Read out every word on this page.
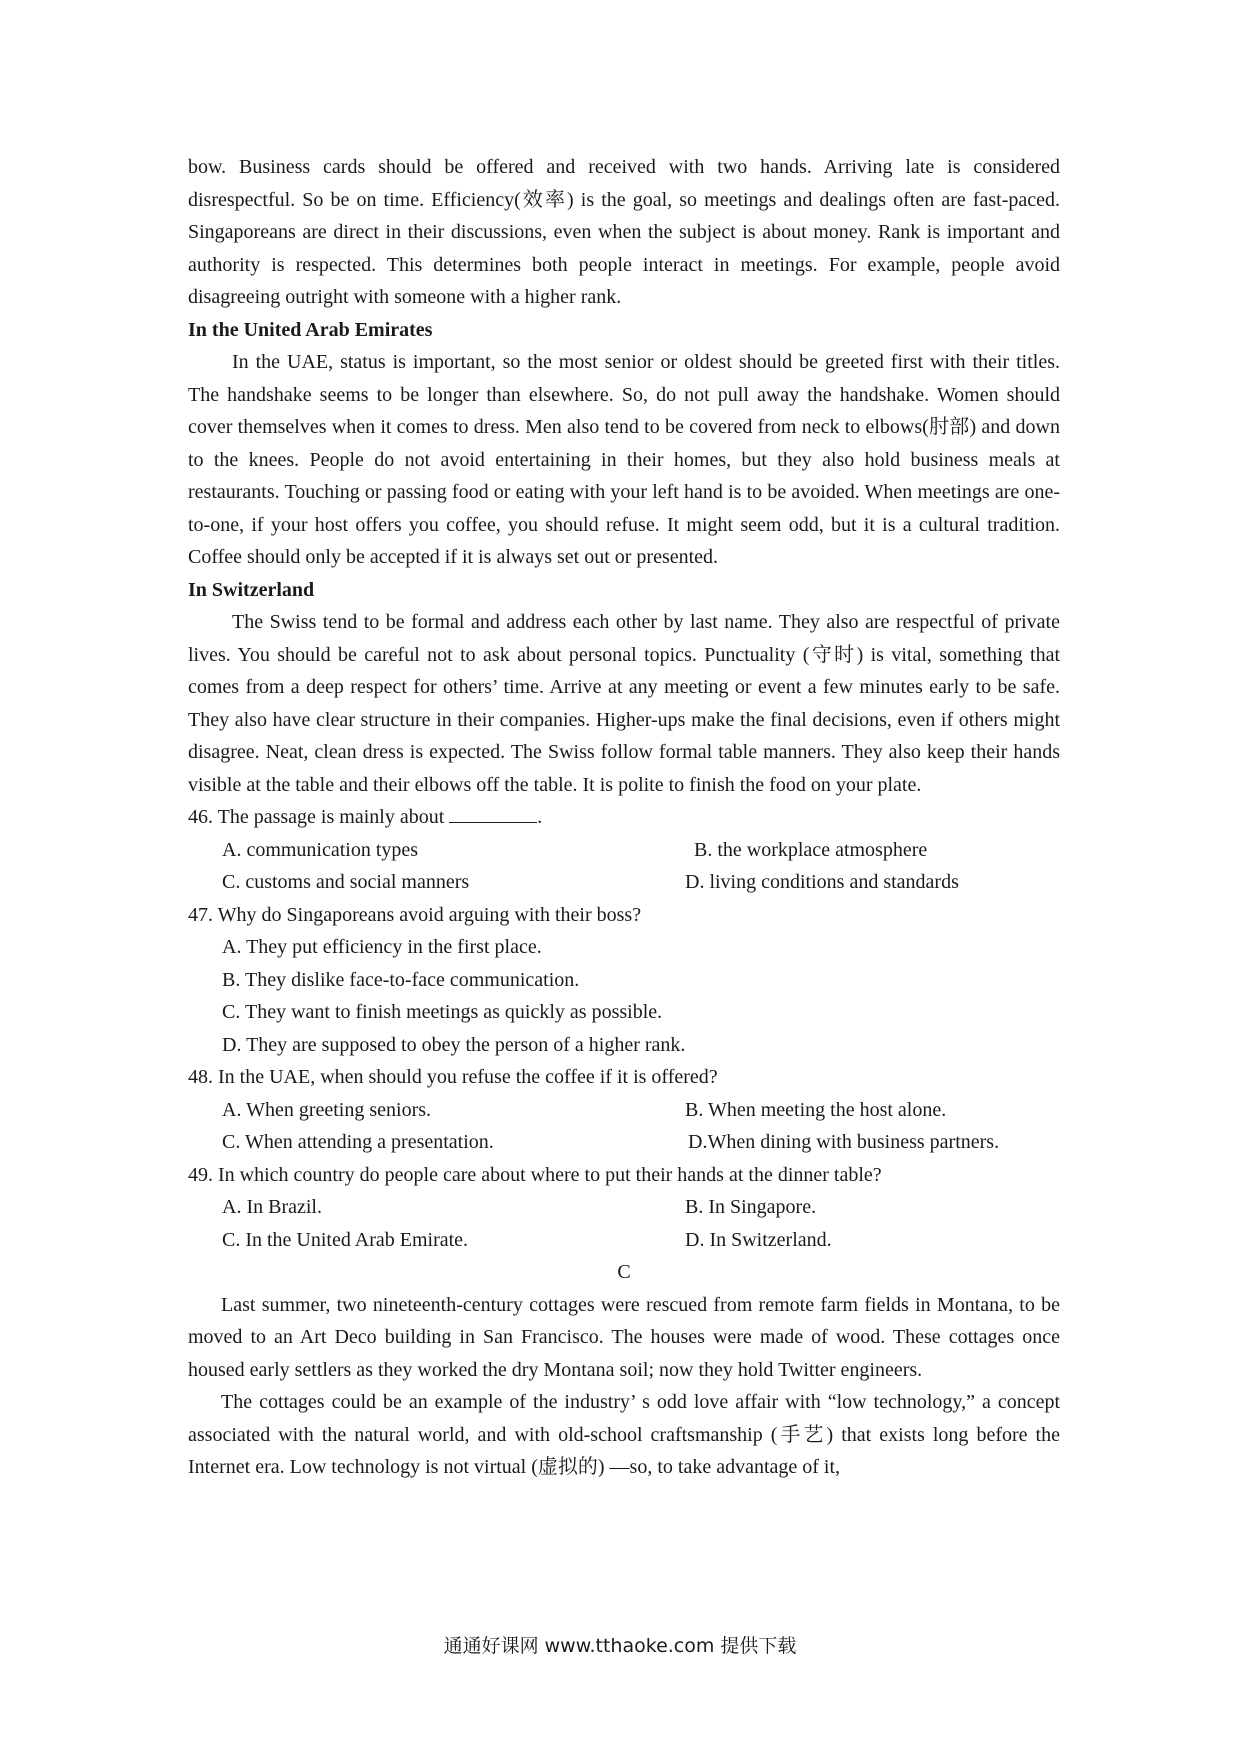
bow. Business cards should be offered and received with two hands. Arriving late is considered disrespectful. So be on time. Efficiency(效率) is the goal, so meetings and dealings often are fast-paced. Singaporeans are direct in their discussions, even when the subject is about money. Rank is important and authority is respected. This determines both people interact in meetings. For example, people avoid disagreeing outright with someone with a higher rank.

In the United Arab Emirates

In the UAE, status is important, so the most senior or oldest should be greeted first with their titles. The handshake seems to be longer than elsewhere. So, do not pull away the handshake. Women should cover themselves when it comes to dress. Men also tend to be covered from neck to elbows(肘部) and down to the knees. People do not avoid entertaining in their homes, but they also hold business meals at restaurants. Touching or passing food or eating with your left hand is to be avoided. When meetings are one-to-one, if your host offers you coffee, you should refuse. It might seem odd, but it is a cultural tradition. Coffee should only be accepted if it is always set out or presented.

In Switzerland

The Swiss tend to be formal and address each other by last name. They also are respectful of private lives. You should be careful not to ask about personal topics. Punctuality (守时) is vital, something that comes from a deep respect for others’ time. Arrive at any meeting or event a few minutes early to be safe. They also have clear structure in their companies. Higher-ups make the final decisions, even if others might disagree. Neat, clean dress is expected. The Swiss follow formal table manners. They also keep their hands visible at the table and their elbows off the table. It is polite to finish the food on your plate.

46. The passage is mainly about	.

A. communication types	B. the workplace atmosphere
C. customs and social manners	D. living conditions and standards

47. Why do Singaporeans avoid arguing with their boss?

A. They put efficiency in the first place.
B. They dislike face-to-face communication.
C. They want to finish meetings as quickly as possible.
D. They are supposed to obey the person of a higher rank.

48. In the UAE, when should you refuse the coffee if it is offered?

A. When greeting seniors.	B. When meeting the host alone.
C. When attending a presentation.	D.When dining with business partners.

49. In which country do people care about where to put their hands at the dinner table?

A. In Brazil.	B. In Singapore.
C. In the United Arab Emirate.	D. In Switzerland.

C

Last summer, two nineteenth-century cottages were rescued from remote farm fields in Montana, to be moved to an Art Deco building in San Francisco. The houses were made of wood. These cottages once housed early settlers as they worked the dry Montana soil; now they hold Twitter engineers.

The cottages could be an example of the industry’ s odd love affair with “low technology,” a concept associated with the natural world, and with old-school craftsmanship (手艺) that exists long before the Internet era. Low technology is not virtual (虚拟的) —so, to take advantage of it,

通通好课网 www.tthaoke.com 提供下载
